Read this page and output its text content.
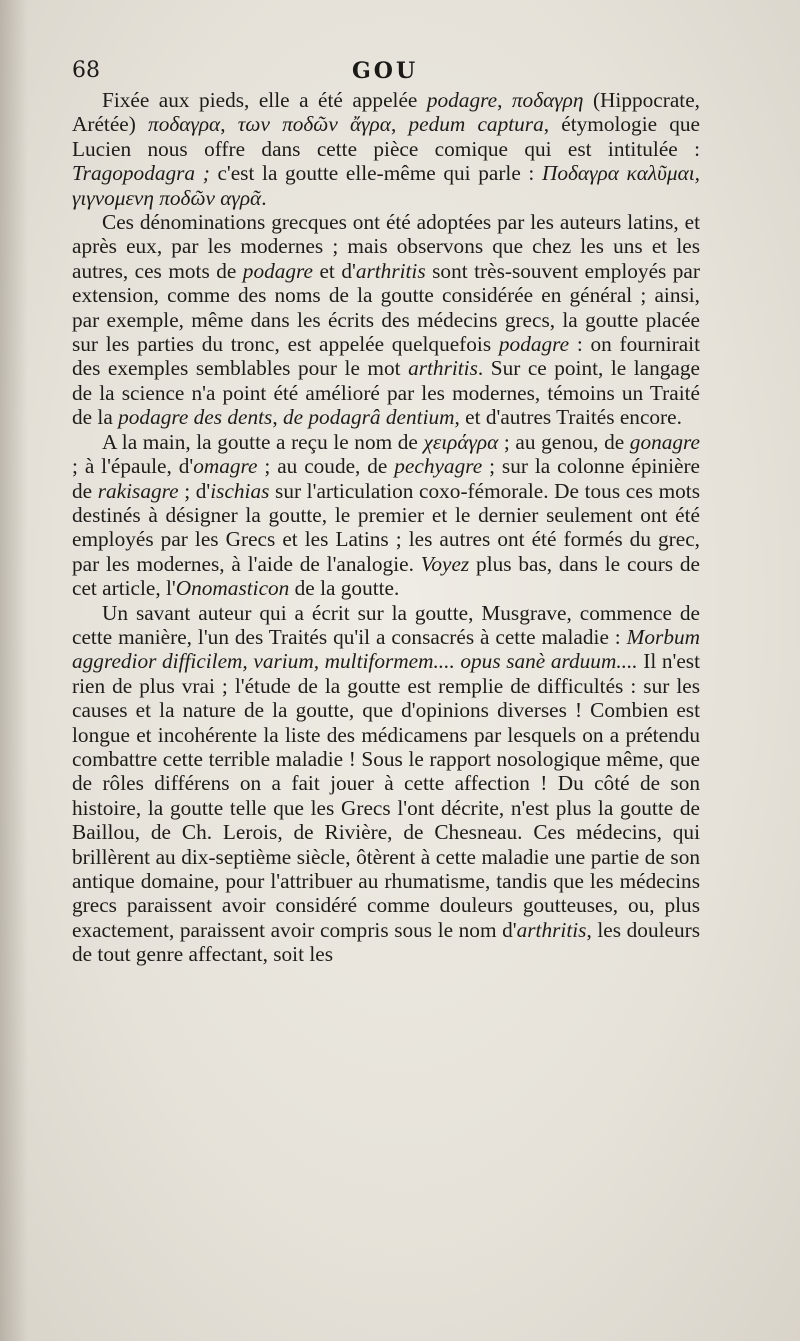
68	GOU

Fixée aux pieds, elle a été appelée podagre, ποδαγρη (Hippocrate, Arétée) ποδαγρα, των ποδῶν ἄγρα, pedum captura, étymologie que Lucien nous offre dans cette pièce comique qui est intitulée : Tragopodagra ; c'est la goutte elle-même qui parle : Ποδαγρα καλῦμαι, γιγνομενη ποδῶν αγρᾶ.

Ces dénominations grecques ont été adoptées par les auteurs latins, et après eux, par les modernes ; mais observons que chez les uns et les autres, ces mots de podagre et d'arthritis sont très-souvent employés par extension, comme des noms de la goutte considérée en général ; ainsi, par exemple, même dans les écrits des médecins grecs, la goutte placée sur les parties du tronc, est appelée quelquefois podagre : on fournirait des exemples semblables pour le mot arthritis. Sur ce point, le langage de la science n'a point été amélioré par les modernes, témoins un Traité de la podagre des dents, de podagrâ dentium, et d'autres Traités encore.

A la main, la goutte a reçu le nom de χειράγρα ; au genou, de gonagre ; à l'épaule, d'omagre ; au coude, de pechyagre ; sur la colonne épinière de rakisagre ; d'ischias sur l'articulation coxo-fémorale. De tous ces mots destinés à désigner la goutte, le premier et le dernier seulement ont été employés par les Grecs et les Latins ; les autres ont été formés du grec, par les modernes, à l'aide de l'analogie. Voyez plus bas, dans le cours de cet article, l'Onomasticon de la goutte.

Un savant auteur qui a écrit sur la goutte, Musgrave, commence de cette manière, l'un des Traités qu'il a consacrés à cette maladie : Morbum aggredior difficilem, varium, multiformem.... opus sanè arduum.... Il n'est rien de plus vrai ; l'étude de la goutte est remplie de difficultés : sur les causes et la nature de la goutte, que d'opinions diverses ! Combien est longue et incohérente la liste des médicamens par lesquels on a prétendu combattre cette terrible maladie ! Sous le rapport nosologique même, que de rôles différens on a fait jouer à cette affection ! Du côté de son histoire, la goutte telle que les Grecs l'ont décrite, n'est plus la goutte de Baillou, de Ch. Lerois, de Rivière, de Chesneau. Ces médecins, qui brillèrent au dix-septième siècle, ôtèrent à cette maladie une partie de son antique domaine, pour l'attribuer au rhumatisme, tandis que les médecins grecs paraissent avoir considéré comme douleurs goutteuses, ou, plus exactement, paraissent avoir compris sous le nom d'arthritis, les douleurs de tout genre affectant, soit les
